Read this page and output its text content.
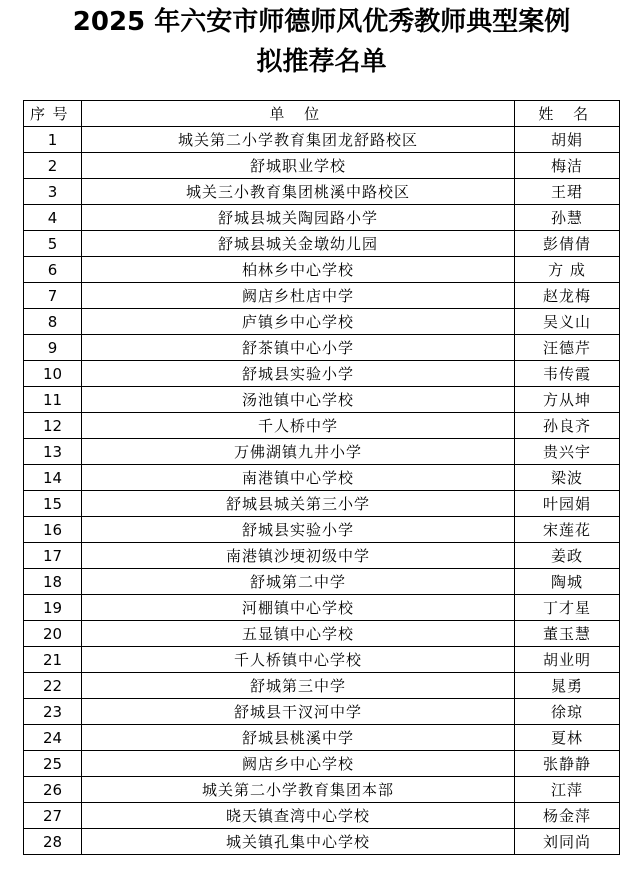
2025 年六安市师德师风优秀教师典型案例
拟推荐名单
序号	单 位	姓 名
1	城关第二小学教育集团龙舒路校区	胡娟
2	舒城职业学校	梅洁
3	城关三小教育集团桃溪中路校区	王珺
4	舒城县城关陶园路小学	孙慧
5	舒城县城关金墩幼儿园	彭倩倩
6	柏林乡中心学校	方 成
7	阙店乡杜店中学	赵龙梅
8	庐镇乡中心学校	吴义山
9	舒茶镇中心小学	汪德芹
10	舒城县实验小学	韦传霞
11	汤池镇中心学校	方从坤
12	千人桥中学	孙良齐
13	万佛湖镇九井小学	贵兴宇
14	南港镇中心学校	梁波
15	舒城县城关第三小学	叶园娟
16	舒城县实验小学	宋莲花
17	南港镇沙埂初级中学	姜政
18	舒城第二中学	陶城
19	河棚镇中心学校	丁才星
20	五显镇中心学校	董玉慧
21	千人桥镇中心学校	胡业明
22	舒城第三中学	晁勇
23	舒城县干汊河中学	徐琼
24	舒城县桃溪中学	夏林
25	阙店乡中心学校	张静静
26	城关第二小学教育集团本部	江萍
27	晓天镇查湾中心学校	杨金萍
28	城关镇孔集中心学校	刘同尚
